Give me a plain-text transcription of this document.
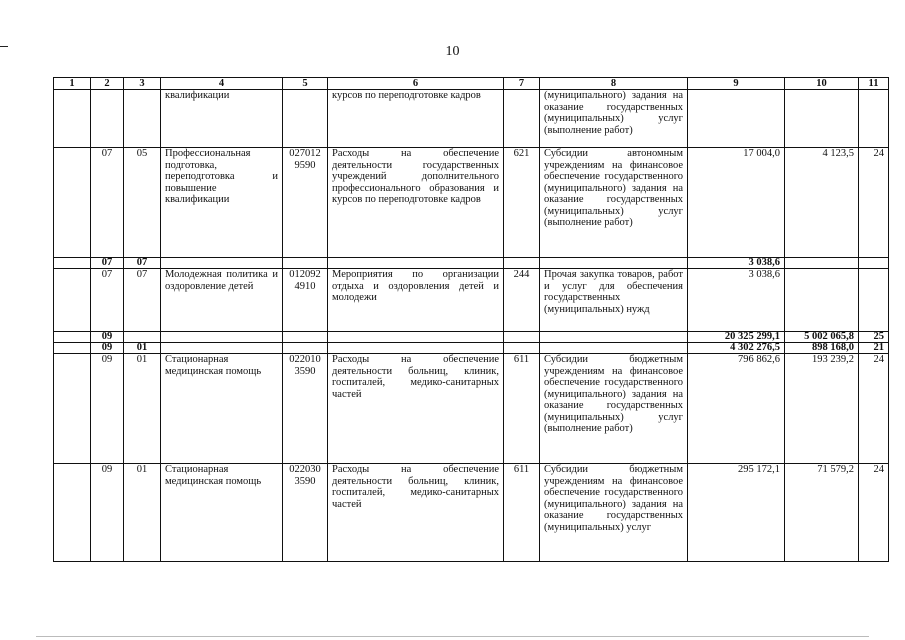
10
1	2	3	4	5	6	7	8	9	10	11
			квалификации		курсов по переподготовке кадров		(муниципального) задания на оказание государственных (муниципальных) услуг (выполнение работ)			
	07	05	Профессиональная подготовка, переподготовка и повышение квалификации	0270129590	Расходы на обеспечение деятельности государственных учреждений дополнительного профессионального образования и курсов по переподготовке кадров	621	Субсидии автономным учреждениям на финансовое обеспечение государственного (муниципального) задания на оказание государственных (муниципальных) услуг (выполнение работ)	17 004,0	4 123,5	24
	07	07						3 038,6		
	07	07	Молодежная политика и оздоровление детей	0120924910	Мероприятия по организации отдыха и оздоровления детей и молодежи	244	Прочая закупка товаров, работ и услуг для обеспечения государственных (муниципальных) нужд	3 038,6		
	09							20 325 299,1	5 002 065,8	25
	09	01						4 302 276,5	898 168,0	21
	09	01	Стационарная медицинская помощь	0220103590	Расходы на обеспечение деятельности больниц, клиник, госпиталей, медико-санитарных частей	611	Субсидии бюджетным учреждениям на финансовое обеспечение государственного (муниципального) задания на оказание государственных (муниципальных) услуг (выполнение работ)	796 862,6	193 239,2	24
	09	01	Стационарная медицинская помощь	0220303590	Расходы на обеспечение деятельности больниц, клиник, госпиталей, медико-санитарных частей	611	Субсидии бюджетным учреждениям на финансовое обеспечение государственного (муниципального) задания на оказание государственных (муниципальных) услуг	295 172,1	71 579,2	24
